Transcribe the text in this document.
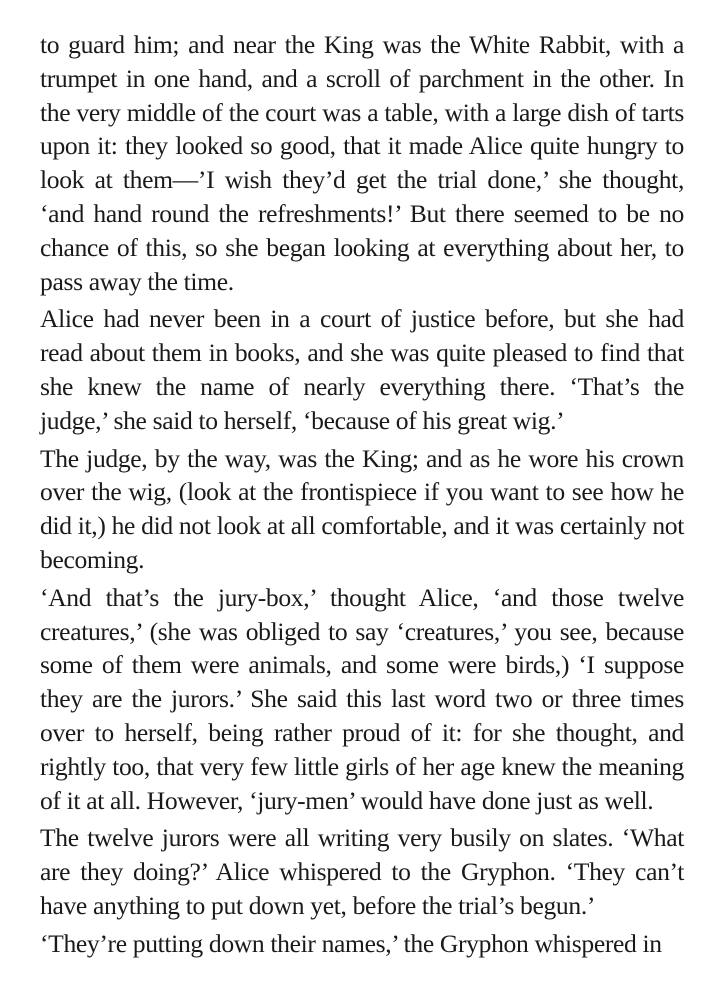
to guard him; and near the King was the White Rabbit, with a trumpet in one hand, and a scroll of parchment in the other. In the very middle of the court was a table, with a large dish of tarts upon it: they looked so good, that it made Alice quite hungry to look at them—’I wish they’d get the trial done,’ she thought, ‘and hand round the refreshments!’ But there seemed to be no chance of this, so she began looking at everything about her, to pass away the time.

Alice had never been in a court of justice before, but she had read about them in books, and she was quite pleased to find that she knew the name of nearly everything there. ‘That’s the judge,’ she said to herself, ‘because of his great wig.’

The judge, by the way, was the King; and as he wore his crown over the wig, (look at the frontispiece if you want to see how he did it,) he did not look at all comfortable, and it was certainly not becoming.

‘And that’s the jury-box,’ thought Alice, ‘and those twelve creatures,’ (she was obliged to say ‘creatures,’ you see, because some of them were animals, and some were birds,) ‘I suppose they are the jurors.’ She said this last word two or three times over to herself, being rather proud of it: for she thought, and rightly too, that very few little girls of her age knew the meaning of it at all. However, ‘jury-men’ would have done just as well.

The twelve jurors were all writing very busily on slates. ‘What are they doing?’ Alice whispered to the Gryphon. ‘They can’t have anything to put down yet, before the trial’s begun.’

‘They’re putting down their names,’ the Gryphon whispered in
